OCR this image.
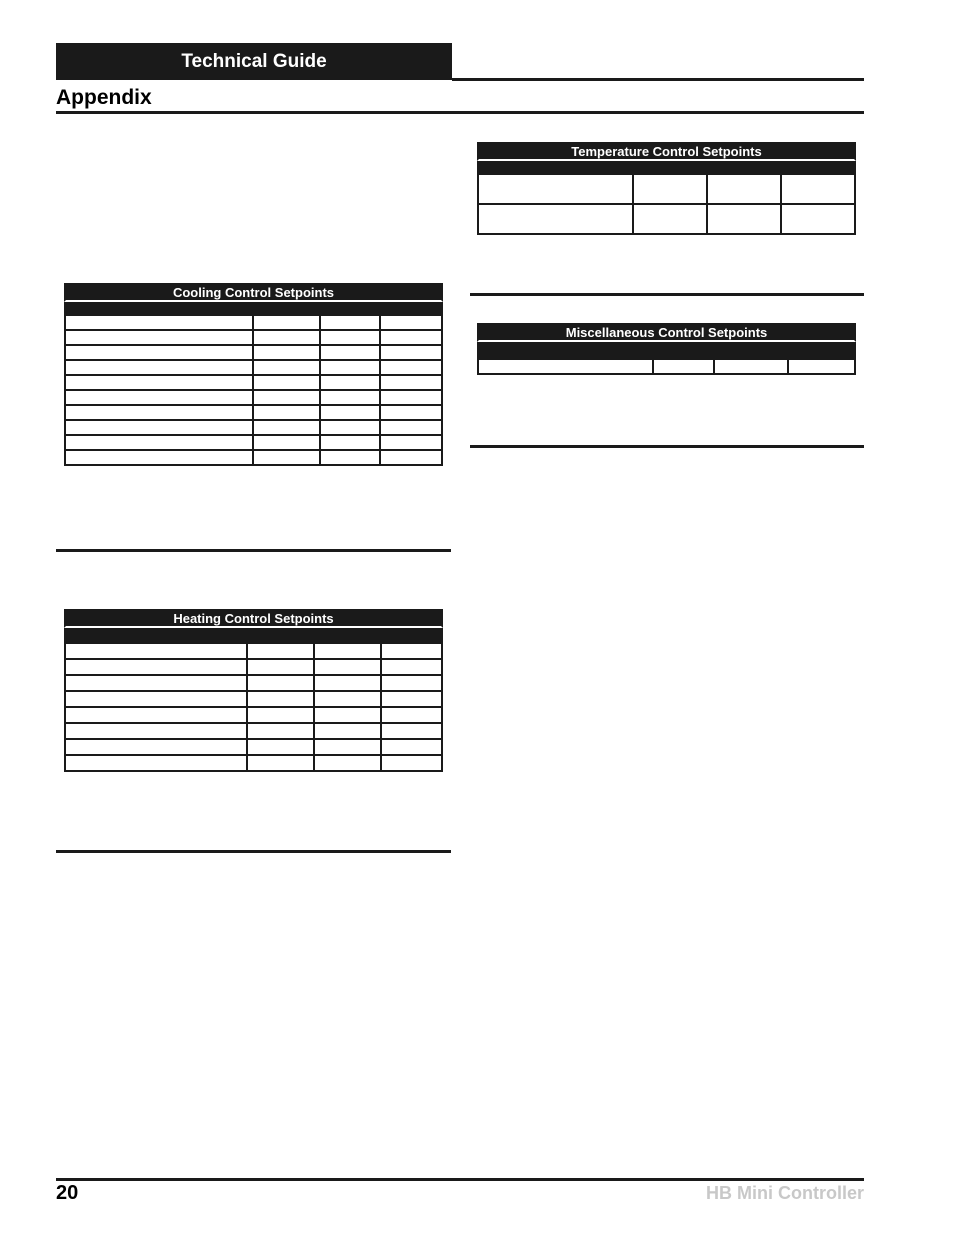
Technical Guide
Appendix
Cooling Control Setpoints

Heating Control Setpoints

Temperature Control Setpoints

Miscellaneous Control Setpoints

20	HB Mini Controller
